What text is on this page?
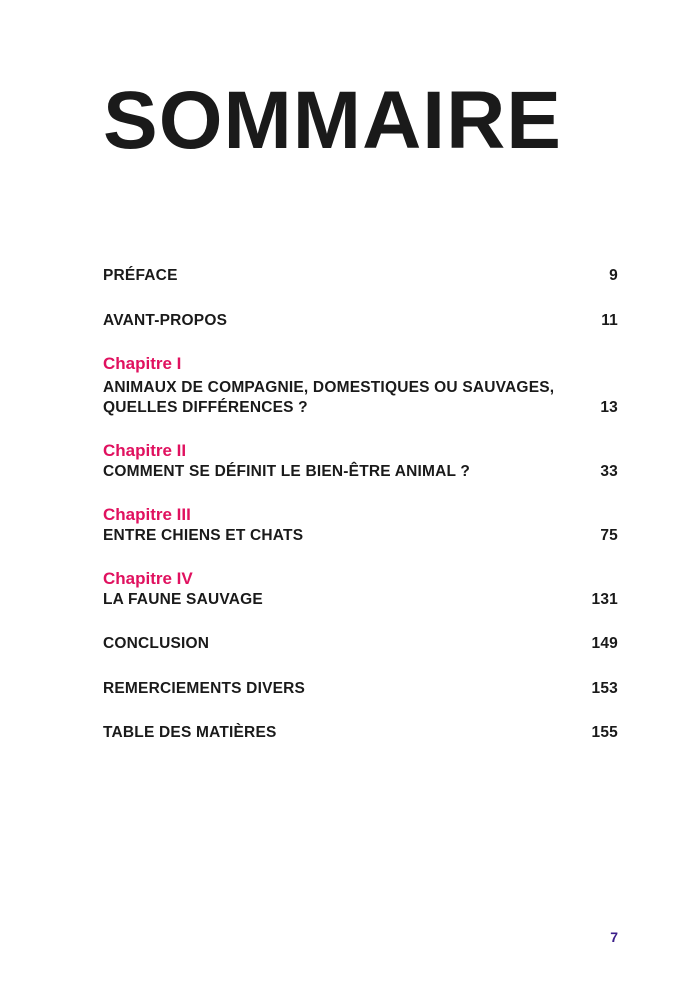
SOMMAIRE
PRÉFACE	9
AVANT-PROPOS	11
Chapitre I
ANIMAUX DE COMPAGNIE, DOMESTIQUES OU SAUVAGES,
QUELLES DIFFÉRENCES ?	13
Chapitre II
COMMENT SE DÉFINIT LE BIEN-ÊTRE ANIMAL ?	33
Chapitre III
ENTRE CHIENS ET CHATS	75
Chapitre IV
LA FAUNE SAUVAGE	131
CONCLUSION	149
REMERCIEMENTS DIVERS	153
TABLE DES MATIÈRES	155
7
